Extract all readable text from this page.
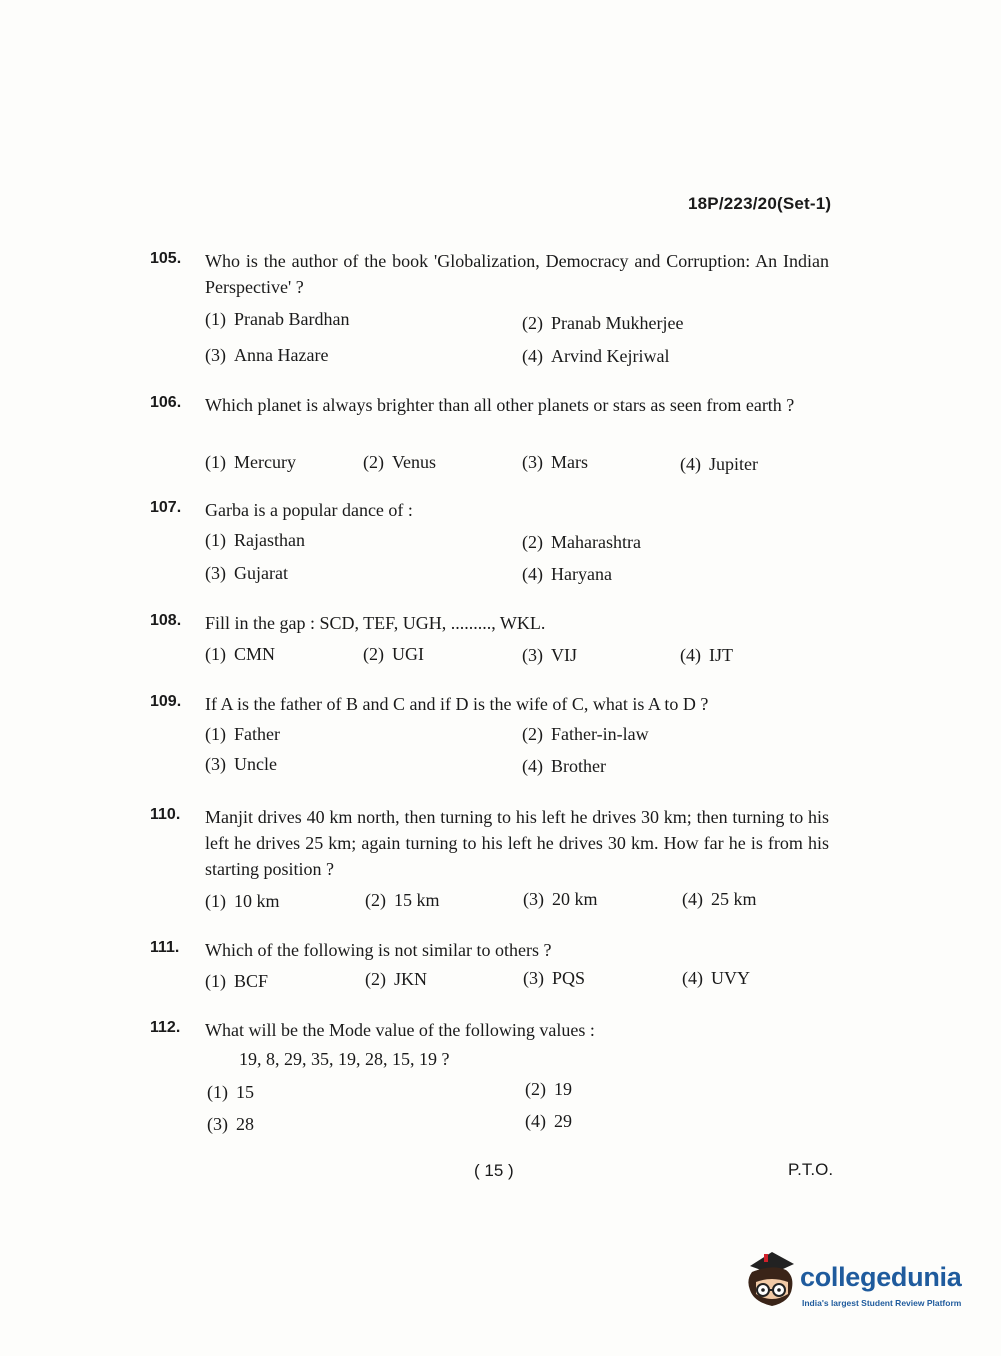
18P/223/20(Set-1)
105. Who is the author of the book 'Globalization, Democracy and Corruption: An Indian Perspective' ?
(1) Pranab Bardhan	(2) Pranab Mukherjee
(3) Anna Hazare	(4) Arvind Kejriwal
106. Which planet is always brighter than all other planets or stars as seen from earth ?
(1) Mercury	(2) Venus	(3) Mars	(4) Jupiter
107. Garba is a popular dance of :
(1) Rajasthan	(2) Maharashtra
(3) Gujarat	(4) Haryana
108. Fill in the gap : SCD, TEF, UGH, ........., WKL.
(1) CMN	(2) UGI	(3) VIJ	(4) IJT
109. If A is the father of B and C and if D is the wife of C, what is A to D ?
(1) Father	(2) Father-in-law
(3) Uncle	(4) Brother
110. Manjit drives 40 km north, then turning to his left he drives 30 km; then turning to his left he drives 25 km; again turning to his left he drives 30 km. How far he is from his starting position ?
(1) 10 km	(2) 15 km	(3) 20 km	(4) 25 km
111. Which of the following is not similar to others ?
(1) BCF	(2) JKN	(3) PQS	(4) UVY
112. What will be the Mode value of the following values :
19, 8, 29, 35, 19, 28, 15, 19 ?
(1) 15	(2) 19
(3) 28	(4) 29
( 15 )	P.T.O.
collegedunia
India's largest Student Review Platform
